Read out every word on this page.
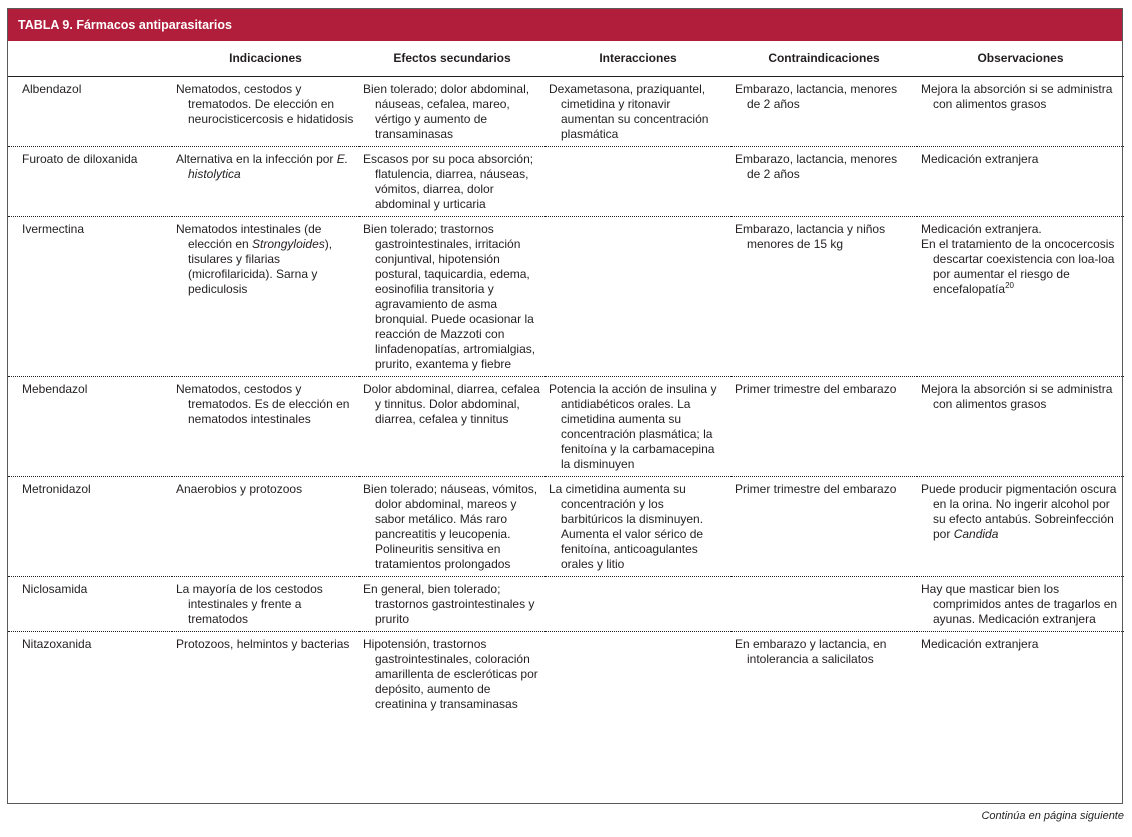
TABLA 9. Fármacos antiparasitarios
	Indicaciones	Efectos secundarios	Interacciones	Contraindicaciones	Observaciones
Albendazol	Nematodos, cestodos y trematodos. De elección en neurocisticercosis e hidatidosis	Bien tolerado; dolor abdominal, náuseas, cefalea, mareo, vértigo y aumento de transaminasas	Dexametasona, praziquantel, cimetidina y ritonavir aumentan su concentración plasmática	Embarazo, lactancia, menores de 2 años	Mejora la absorción si se administra con alimentos grasos

Furoato de diloxanida	Alternativa en la infección por E. histolytica	Escasos por su poca absorción; flatulencia, diarrea, náuseas, vómitos, diarrea, dolor abdominal y urticaria		Embarazo, lactancia, menores de 2 años	Medicación extranjera

Ivermectina	Nematodos intestinales (de elección en Strongyloides), tisulares y filarias (microfilaricida). Sarna y pediculosis	Bien tolerado; trastornos gastrointestinales, irritación conjuntival, hipotensión postural, taquicardia, edema, eosinofilia transitoria y agravamiento de asma bronquial. Puede ocasionar la reacción de Mazzoti con linfadenopatías, artromialgias, prurito, exantema y fiebre		Embarazo, lactancia y niños menores de 15 kg	Medicación extranjera.
En el tratamiento de la oncocercosis descartar coexistencia con loa-loa por aumentar el riesgo de encefalopatía$^{20}$

Mebendazol	Nematodos, cestodos y trematodos. Es de elección en nematodos intestinales	Dolor abdominal, diarrea, cefalea y tinnitus. Dolor abdominal, diarrea, cefalea y tinnitus	Potencia la acción de insulina y antidiabéticos orales. La cimetidina aumenta su concentración plasmática; la fenitoína y la carbamacepina la disminuyen	Primer trimestre del embarazo	Mejora la absorción si se administra con alimentos grasos

Metronidazol	Anaerobios y protozoos	Bien tolerado; náuseas, vómitos, dolor abdominal, mareos y sabor metálico. Más raro pancreatitis y leucopenia. Polineuritis sensitiva en tratamientos prolongados	La cimetidina aumenta su concentración y los barbitúricos la disminuyen. Aumenta el valor sérico de fenitoína, anticoagulantes orales y litio	Primer trimestre del embarazo	Puede producir pigmentación oscura en la orina. No ingerir alcohol por su efecto antabús. Sobreinfección por Candida

Niclosamida	La mayoría de los cestodos intestinales y frente a trematodos	En general, bien tolerado; trastornos gastrointestinales y prurito			Hay que masticar bien los comprimidos antes de tragarlos en ayunas. Medicación extranjera

Nitazoxanida	Protozoos, helmintos y bacterias	Hipotensión, trastornos gastrointestinales, coloración amarillenta de escleróticas por depósito, aumento de creatinina y transaminasas		En embarazo y lactancia, en intolerancia a salicilatos	Medicación extranjera
Continúa en página siguiente
